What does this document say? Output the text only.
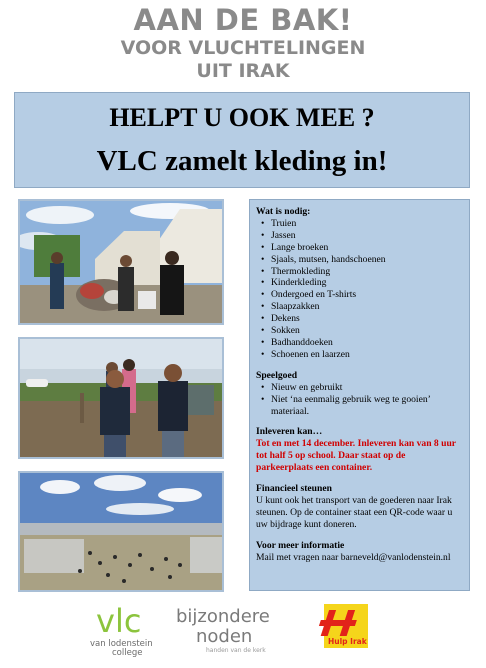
AAN DE BAK!
VOOR VLUCHTELINGEN
UIT IRAK
HELPT U OOK MEE ?
VLC zamelt kleding in!
Wat is nodig:
• Truien
• Jassen
• Lange broeken
• Sjaals, mutsen, handschoenen
• Thermokleding
• Kinderkleding
• Ondergoed en T-shirts
• Slaapzakken
• Dekens
• Sokken
• Badhanddoeken
• Schoenen en laarzen
Speelgoed
• Nieuw en gebruikt
• Niet ‘na eenmalig gebruik weg te gooien’ materiaal.
Inleveren kan…
Tot en met 14 december. Inleveren kan van 8 uur tot half 5 op school. Daar staat op de parkeerplaats een container.
Financieel steunen
U kunt ook het transport van de goederen naar Irak steunen. Op de container staat een QR-code waar u uw bijdrage kunt doneren.
Voor meer informatie
Mail met vragen naar barneveld@vanlodenstein.nl
vlc
van lodenstein
college
bijzondere
noden
handen van de kerk
Hulp Irak
